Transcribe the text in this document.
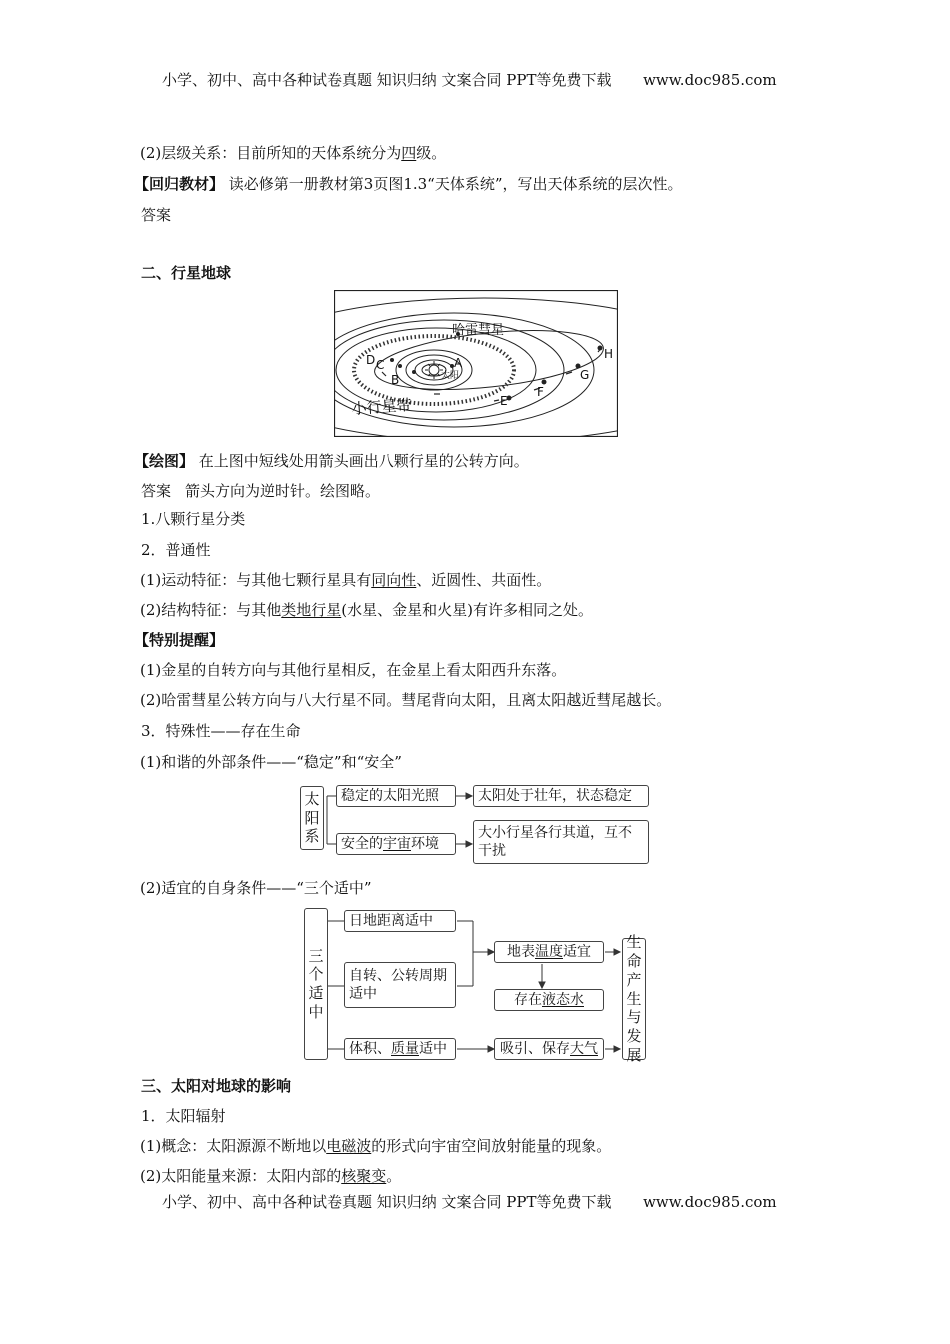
小学、初中、高中各种试卷真题 知识归纳 文案合同 PPT等免费下载 www.doc985.com
(2)层级关系：目前所知的天体系统分为四级。
【回归教材】 读必修第一册教材第3页图1.3“天体系统”，写出天体系统的层次性。
答案
二、行星地球
哈雷彗星
小行星带
太阳
A
B
C
D
E
F
G
H
【绘图】 在上图中短线处用箭头画出八颗行星的公转方向。
答案 箭头方向为逆时针。绘图略。
1.八颗行星分类
2．普通性
(1)运动特征：与其他七颗行星具有同向性、近圆性、共面性。
(2)结构特征：与其他类地行星(水星、金星和火星)有许多相同之处。
【特别提醒】
(1)金星的自转方向与其他行星相反，在金星上看太阳西升东落。
(2)哈雷彗星公转方向与八大行星不同。彗尾背向太阳，且离太阳越近彗尾越长。
3．特殊性——存在生命
(1)和谐的外部条件——“稳定”和“安全”
太
阳
系
稳定的太阳光照	太阳处于壮年，状态稳定
安全的宇宙环境
大小行星各行其道，互不干扰
(2)适宜的自身条件——“三个适中”
三
个
适
中
日地距离适中
自转、公转周期适中
体积、质量适中
地表温度适宜
存在液态水
吸引、保存大气
生
命
产
生
与
发
展
三、太阳对地球的影响
1．太阳辐射
(1)概念：太阳源源不断地以电磁波的形式向宇宙空间放射能量的现象。
(2)太阳能量来源：太阳内部的核聚变。
小学、初中、高中各种试卷真题 知识归纳 文案合同 PPT等免费下载 www.doc985.com
